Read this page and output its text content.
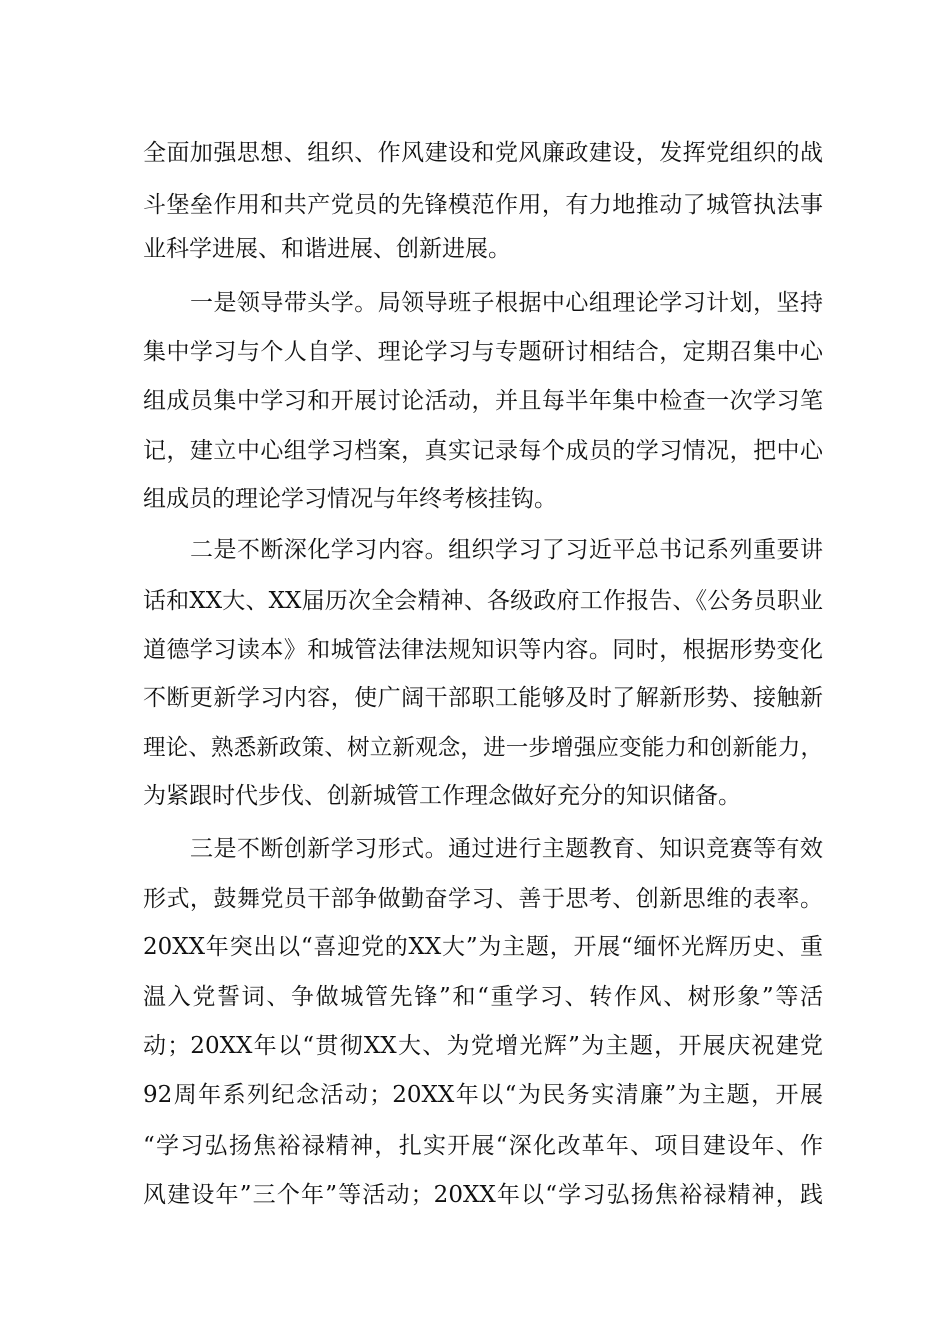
全面加强思想、组织、作风建设和党风廉政建设，发挥党组织的战

斗堡垒作用和共产党员的先锋模范作用，有力地推动了城管执法事

业科学进展、和谐进展、创新进展。

一是领导带头学。局领导班子根据中心组理论学习计划，坚持

集中学习与个人自学、理论学习与专题研讨相结合，定期召集中心

组成员集中学习和开展讨论活动，并且每半年集中检查一次学习笔

记，建立中心组学习档案，真实记录每个成员的学习情况，把中心

组成员的理论学习情况与年终考核挂钩。

二是不断深化学习内容。组织学习了习近平总书记系列重要讲

话和XX大、XX届历次全会精神、各级政府工作报告、《公务员职业

道德学习读本》和城管法律法规知识等内容。同时，根据形势变化

不断更新学习内容，使广阔干部职工能够及时了解新形势、接触新

理论、熟悉新政策、树立新观念，进一步增强应变能力和创新能力，

为紧跟时代步伐、创新城管工作理念做好充分的知识储备。

三是不断创新学习形式。通过进行主题教育、知识竞赛等有效

形式，鼓舞党员干部争做勤奋学习、善于思考、创新思维的表率。

20XX年突出以“喜迎党的XX大”为主题，开展“缅怀光辉历史、重

温入党誓词、争做城管先锋”和“重学习、转作风、树形象”等活

动；20XX年以“贯彻XX大、为党增光辉”为主题，开展庆祝建党

92周年系列纪念活动；20XX年以“为民务实清廉”为主题，开展

“学习弘扬焦裕禄精神，扎实开展“深化改革年、项目建设年、作

风建设年”三个年”等活动；20XX年以“学习弘扬焦裕禄精神，践
